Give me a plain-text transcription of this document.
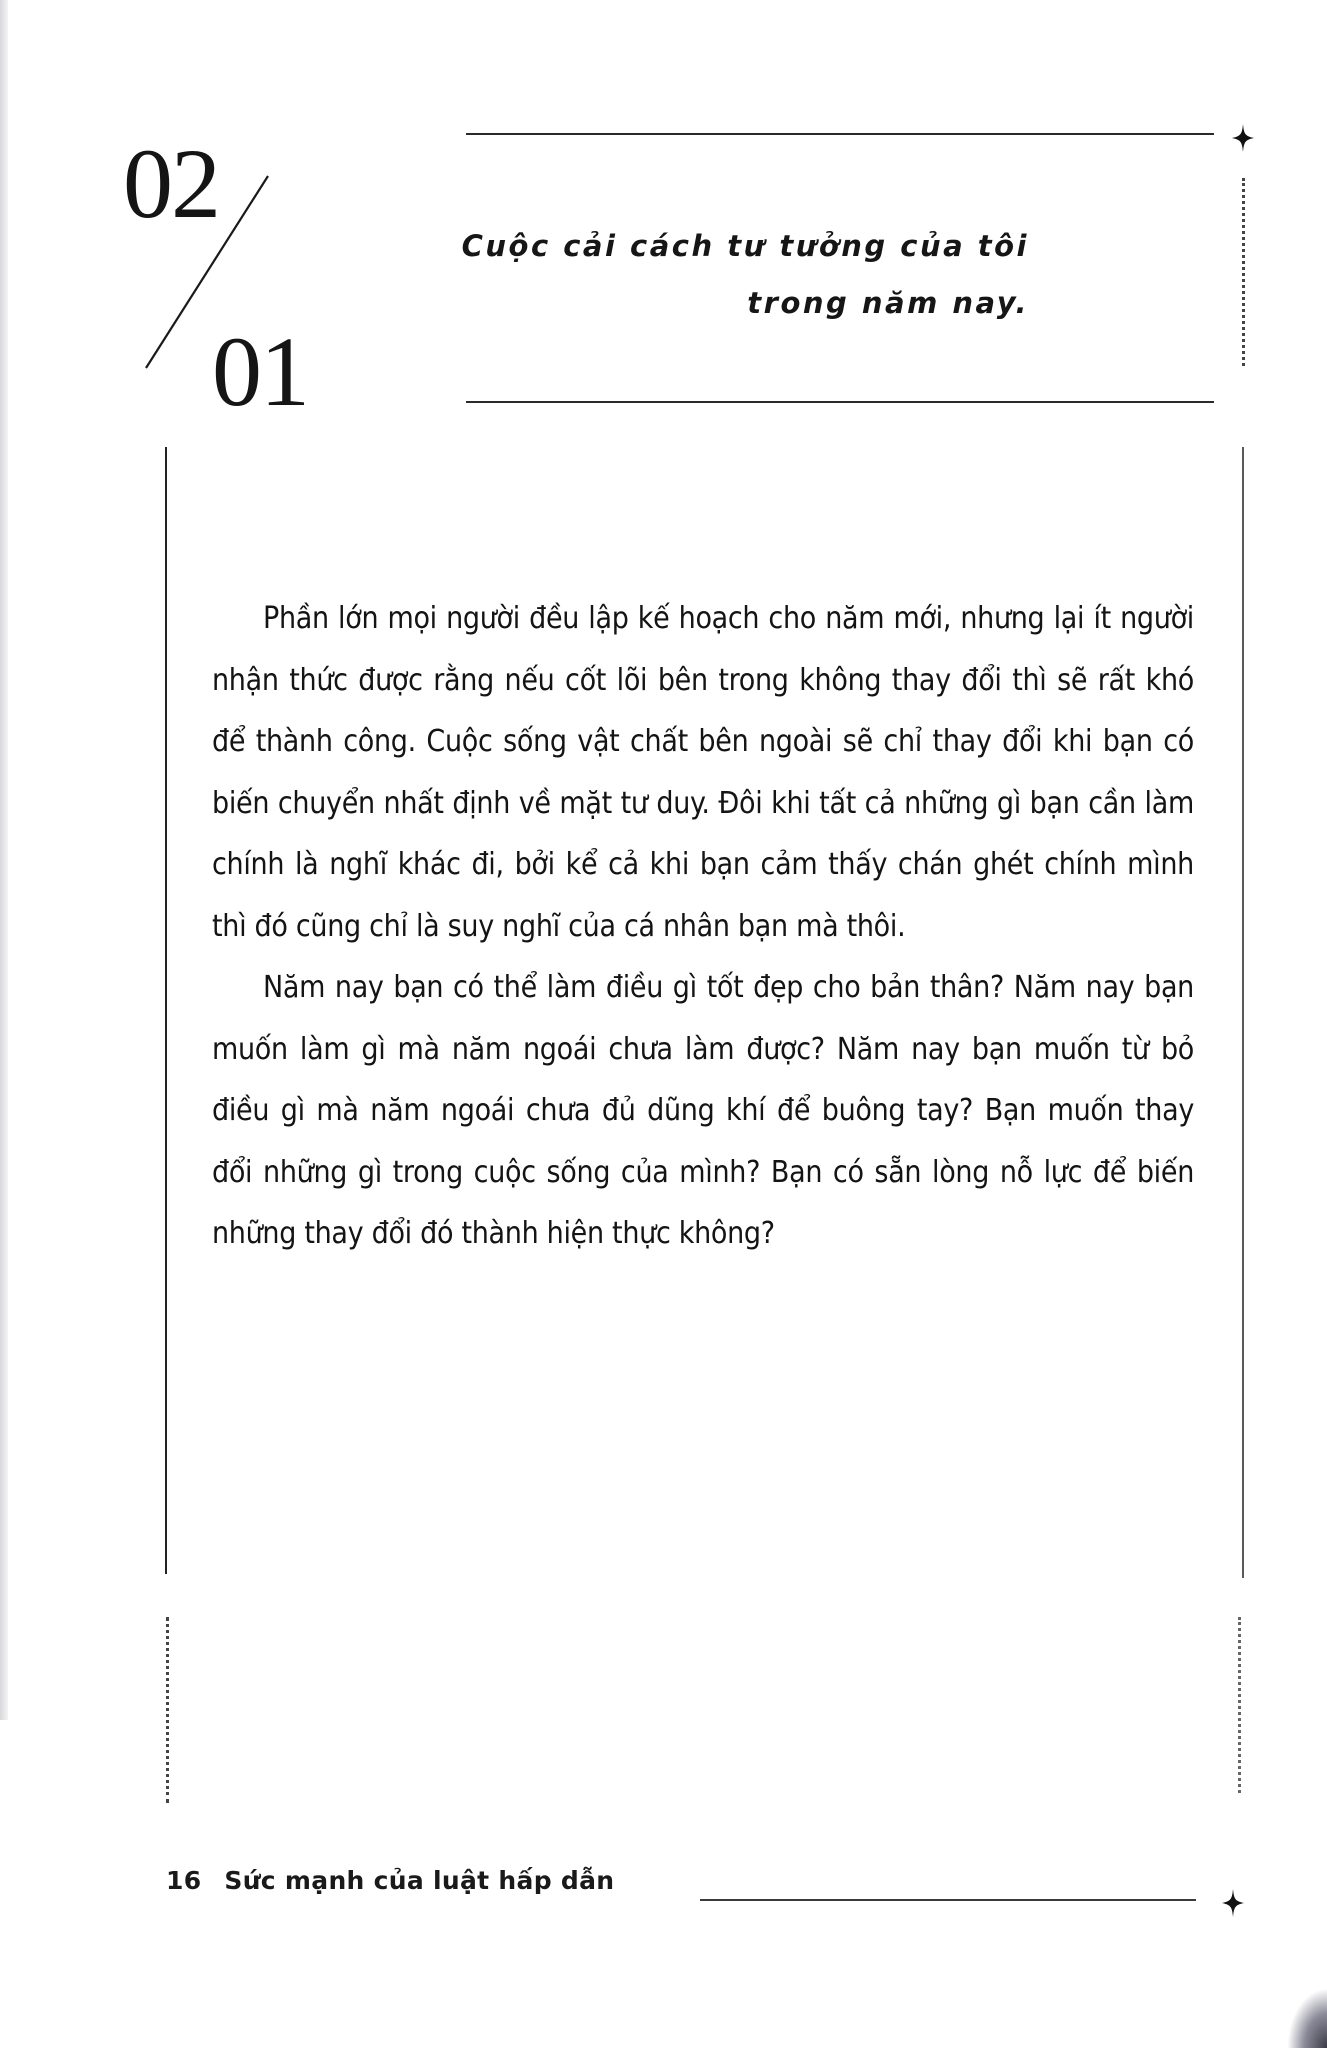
02
01
Cuộc cải cách tư tưởng của tôi
trong năm nay.

Phần lớn mọi người đều lập kế hoạch cho năm mới, nhưng lại ít người nhận thức được rằng nếu cốt lõi bên trong không thay đổi thì sẽ rất khó để thành công. Cuộc sống vật chất bên ngoài sẽ chỉ thay đổi khi bạn có biến chuyển nhất định về mặt tư duy. Đôi khi tất cả những gì bạn cần làm chính là nghĩ khác đi, bởi kể cả khi bạn cảm thấy chán ghét chính mình thì đó cũng chỉ là suy nghĩ của cá nhân bạn mà thôi.

Năm nay bạn có thể làm điều gì tốt đẹp cho bản thân? Năm nay bạn muốn làm gì mà năm ngoái chưa làm được? Năm nay bạn muốn từ bỏ điều gì mà năm ngoái chưa đủ dũng khí để buông tay? Bạn muốn thay đổi những gì trong cuộc sống của mình? Bạn có sẵn lòng nỗ lực để biến những thay đổi đó thành hiện thực không?

16 Sức mạnh của luật hấp dẫn
